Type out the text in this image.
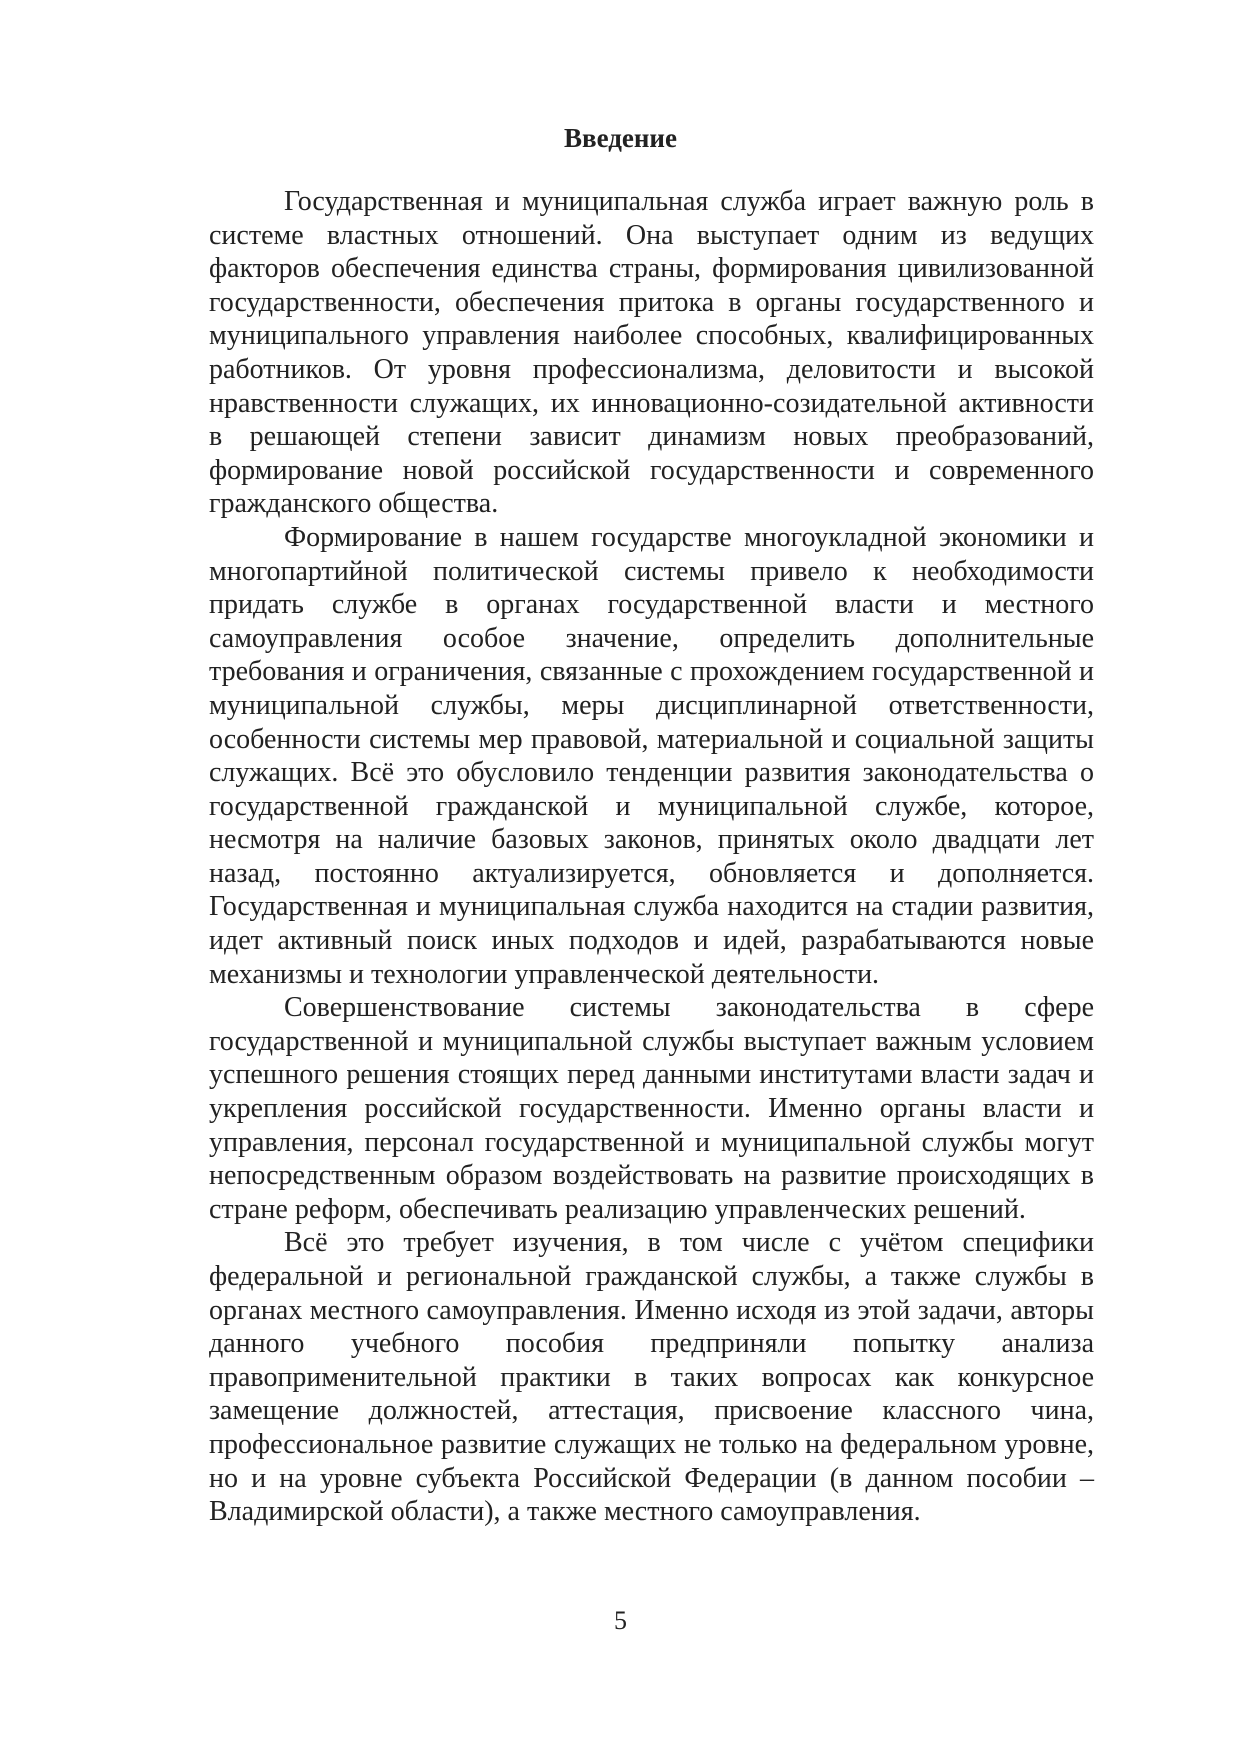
Введение

Государственная и муниципальная служба играет важную роль в системе властных отношений. Она выступает одним из ведущих факторов обеспечения единства страны, формирования цивилизованной государственности, обеспечения притока в органы государственного и муниципального управления наиболее способных, квалифицированных работников. От уровня профессионализма, деловитости и высокой нравственности служащих, их инновационно-созидательной активности в решающей степени зависит динамизм новых преобразований, формирование новой российской государственности и современного гражданского общества.

Формирование в нашем государстве многоукладной экономики и многопартийной политической системы привело к необходимости придать службе в органах государственной власти и местного самоуправления особое значение, определить дополнительные требования и ограничения, связанные с прохождением государственной и муниципальной службы, меры дисциплинарной ответственности, особенности системы мер правовой, материальной и социальной защиты служащих. Всё это обусловило тенденции развития законодательства о государственной гражданской и муниципальной службе, которое, несмотря на наличие базовых законов, принятых около двадцати лет назад, постоянно актуализируется, обновляется и дополняется. Государственная и муниципальная служба находится на стадии развития, идет активный поиск иных подходов и идей, разрабатываются новые механизмы и технологии управленческой деятельности.

Совершенствование системы законодательства в сфере государственной и муниципальной службы выступает важным условием успешного решения стоящих перед данными институтами власти задач и укрепления российской государственности. Именно органы власти и управления, персонал государственной и муниципальной службы могут непосредственным образом воздействовать на развитие происходящих в стране реформ, обеспечивать реализацию управленческих решений.

Всё это требует изучения, в том числе с учётом специфики федеральной и региональной гражданской службы, а также службы в органах местного самоуправления. Именно исходя из этой задачи, авторы данного учебного пособия предприняли попытку анализа правоприменительной практики в таких вопросах как конкурсное замещение должностей, аттестация, присвоение классного чина, профессиональное развитие служащих не только на федеральном уровне, но и на уровне субъекта Российской Федерации (в данном пособии – Владимирской области), а также местного самоуправления.

5
